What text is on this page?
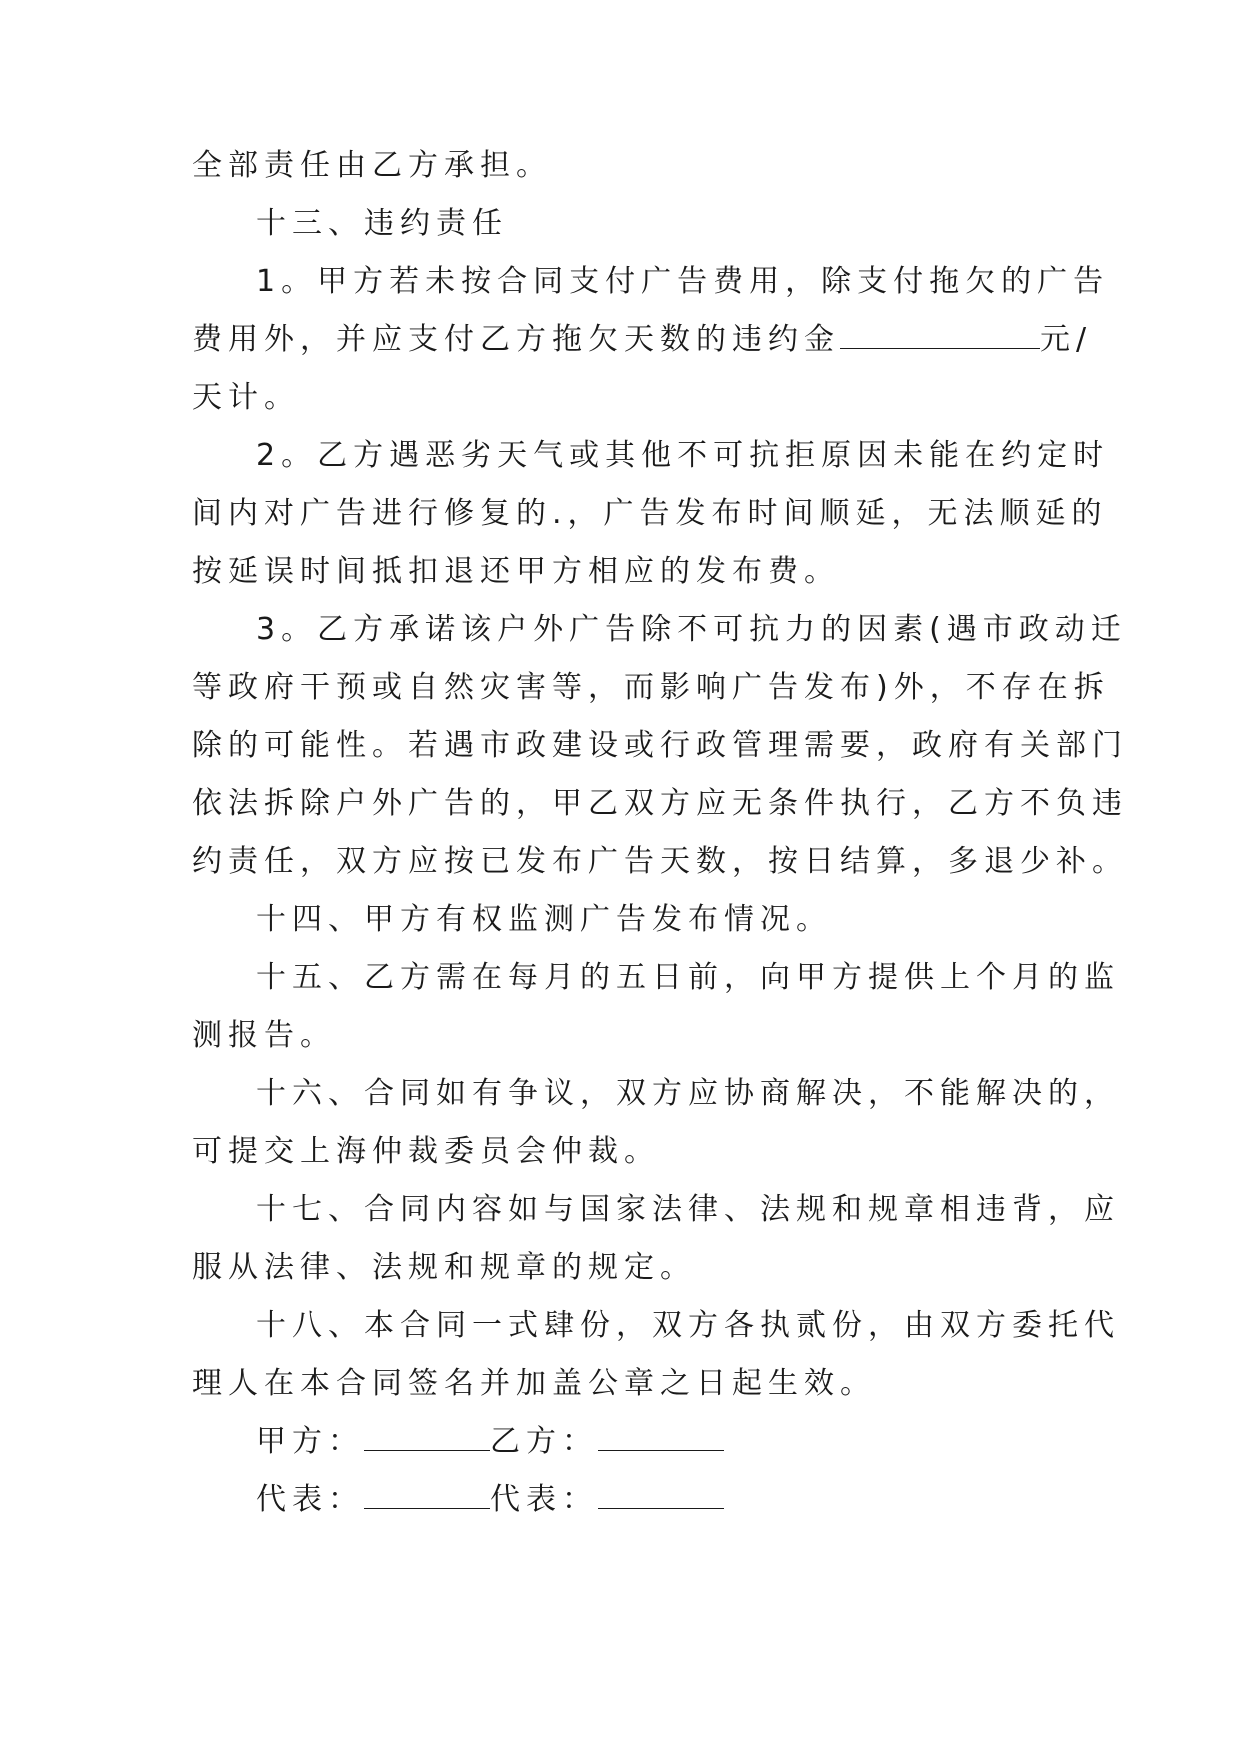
全部责任由乙方承担。
十三、违约责任
1。甲方若未按合同支付广告费用，除支付拖欠的广告
费用外，并应支付乙方拖欠天数的违约金	元/
天计。
2。乙方遇恶劣天气或其他不可抗拒原因未能在约定时
间内对广告进行修复的.，广告发布时间顺延，无法顺延的
按延误时间抵扣退还甲方相应的发布费。
3。乙方承诺该户外广告除不可抗力的因素(遇市政动迁
等政府干预或自然灾害等，而影响广告发布)外，不存在拆
除的可能性。若遇市政建设或行政管理需要，政府有关部门
依法拆除户外广告的，甲乙双方应无条件执行，乙方不负违
约责任，双方应按已发布广告天数，按日结算，多退少补。
十四、甲方有权监测广告发布情况。
十五、乙方需在每月的五日前，向甲方提供上个月的监
测报告。
十六、合同如有争议，双方应协商解决，不能解决的，
可提交上海仲裁委员会仲裁。
十七、合同内容如与国家法律、法规和规章相违背，应
服从法律、法规和规章的规定。
十八、本合同一式肆份，双方各执贰份，由双方委托代
理人在本合同签名并加盖公章之日起生效。
甲方：	乙方：
代表：	代表：
